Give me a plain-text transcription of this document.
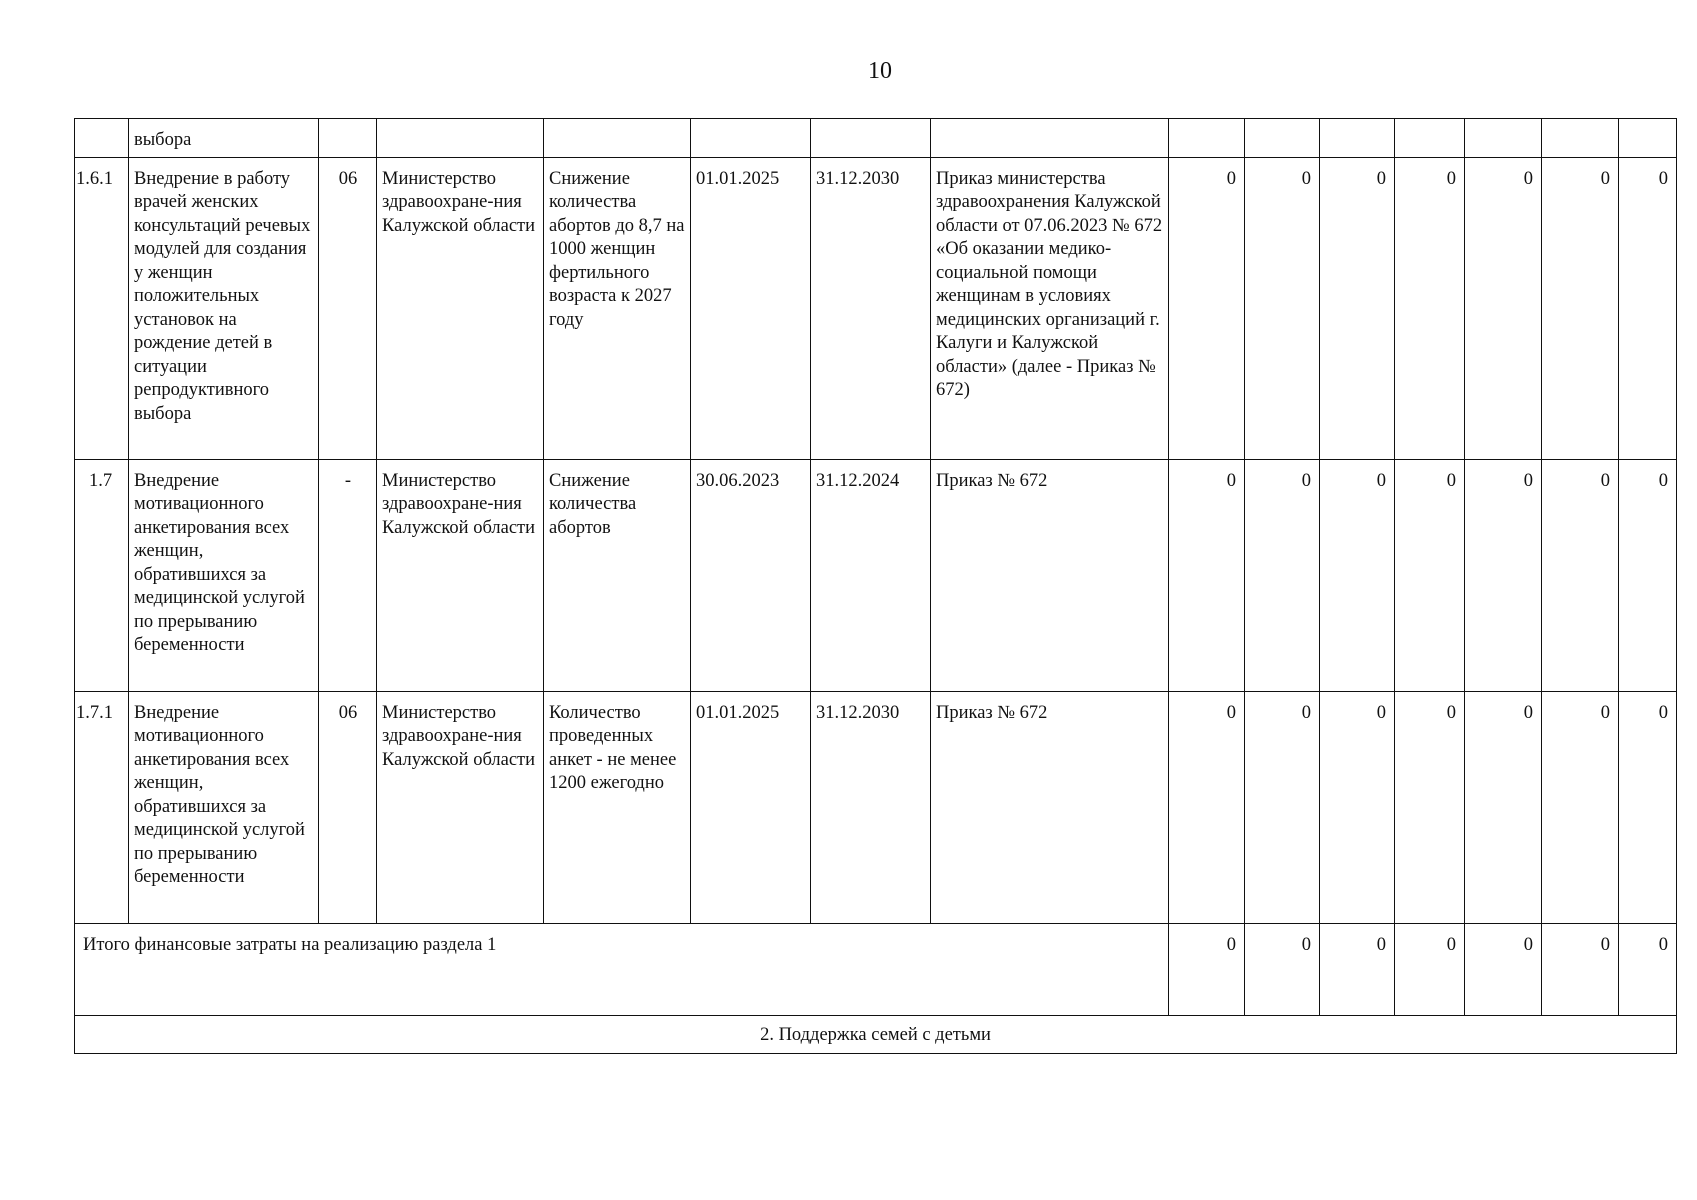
10
	выбора													
1.6.1	Внедрение в работу врачей женских консультаций речевых модулей для создания у женщин положительных установок на рождение детей в ситуации репродуктивного выбора	06	Министерство здравоохране-ния Калужской области	Снижение количества абортов до 8,7 на 1000 женщин фертильного возраста к 2027 году	01.01.2025	31.12.2030	Приказ министерства здравоохранения Калужской области от 07.06.2023 № 672 «Об оказании медико-социальной помощи женщинам в условиях медицинских организаций г. Калуги и Калужской области» (далее - Приказ № 672)	0	0	0	0	0	0	0
1.7	Внедрение мотивационного анкетирования всех женщин, обратившихся за медицинской услугой по прерыванию беременности	-	Министерство здравоохране-ния Калужской области	Снижение количества абортов	30.06.2023	31.12.2024	Приказ № 672	0	0	0	0	0	0	0
1.7.1	Внедрение мотивационного анкетирования всех женщин, обратившихся за медицинской услугой по прерыванию беременности	06	Министерство здравоохране-ния Калужской области	Количество проведенных анкет - не менее 1200 ежегодно	01.01.2025	31.12.2030	Приказ № 672	0	0	0	0	0	0	0
Итого финансовые затраты на реализацию раздела 1								0	0	0	0	0	0	0
2. Поддержка семей с детьми														
